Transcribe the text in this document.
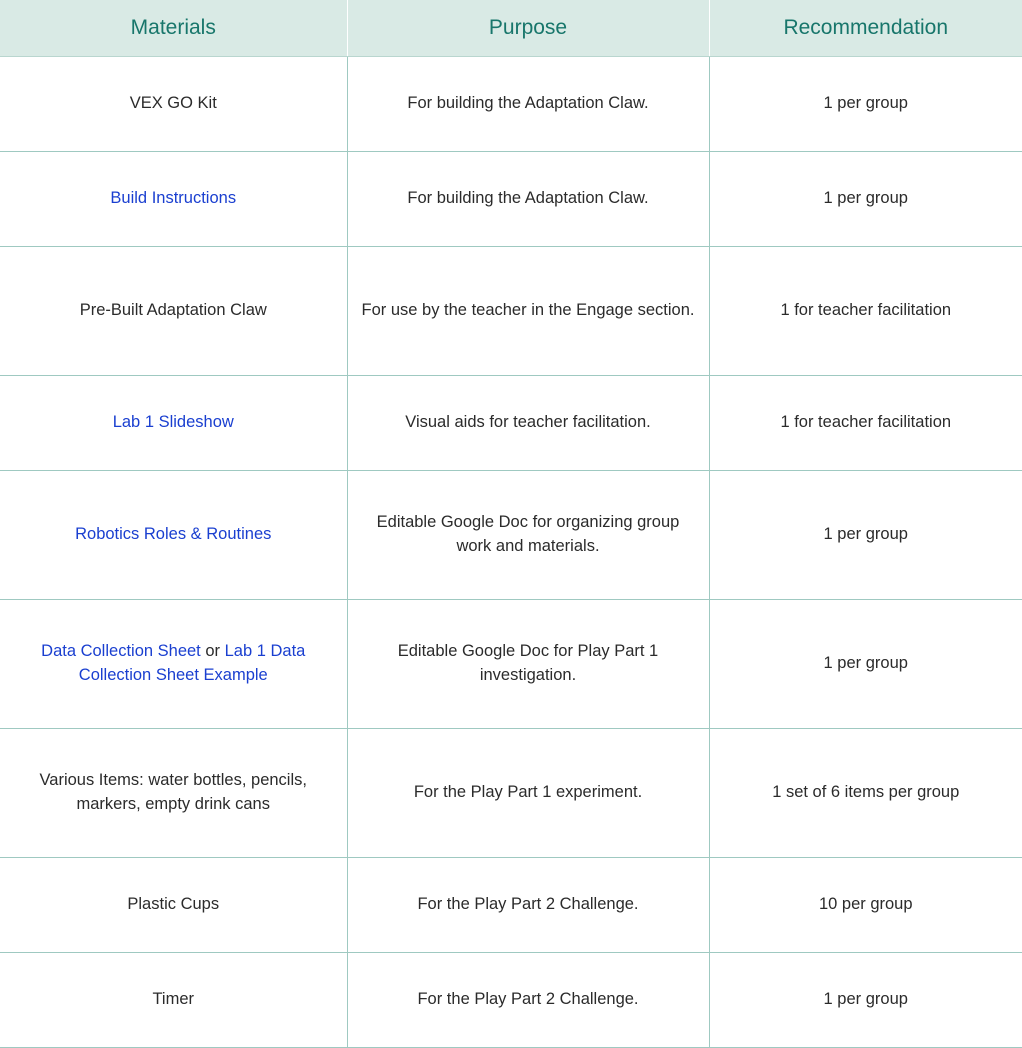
Materials	Purpose	Recommendation
VEX GO Kit	For building the Adaptation Claw.	1 per group
Build Instructions	For building the Adaptation Claw.	1 per group
Pre-Built Adaptation Claw	For use by the teacher in the Engage section.	1 for teacher facilitation
Lab 1 Slideshow	Visual aids for teacher facilitation.	1 for teacher facilitation
Robotics Roles & Routines	Editable Google Doc for organizing group work and materials.	1 per group
Data Collection Sheet or Lab 1 Data Collection Sheet Example	Editable Google Doc for Play Part 1 investigation.	1 per group
Various Items: water bottles, pencils, markers, empty drink cans	For the Play Part 1 experiment.	1 set of 6 items per group
Plastic Cups	For the Play Part 2 Challenge.	10 per group
Timer	For the Play Part 2 Challenge.	1 per group
